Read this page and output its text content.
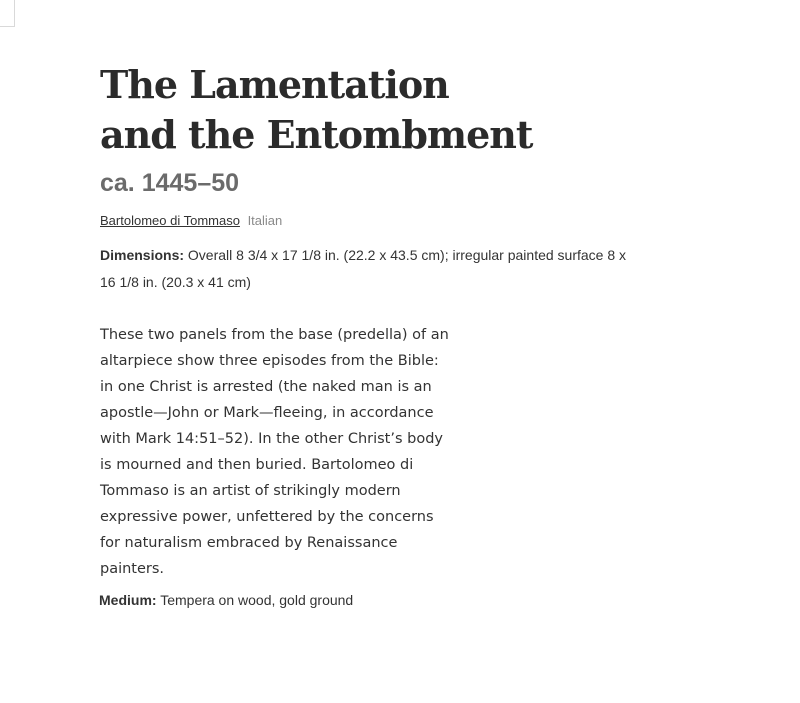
The Lamentation
and the Entombment
ca. 1445–50
Bartolomeo di Tommaso Italian
Dimensions: Overall 8 3/4 x 17 1/8 in. (22.2 x 43.5 cm); irregular painted surface 8 x 16 1/8 in. (20.3 x 41 cm)
These two panels from the base (predella) of an altarpiece show three episodes from the Bible: in one Christ is arrested (the naked man is an apostle—John or Mark—fleeing, in accordance with Mark 14:51–52). In the other Christ’s body is mourned and then buried. Bartolomeo di Tommaso is an artist of strikingly modern expressive power, unfettered by the concerns for naturalism embraced by Renaissance painters.
Medium: Tempera on wood, gold ground
